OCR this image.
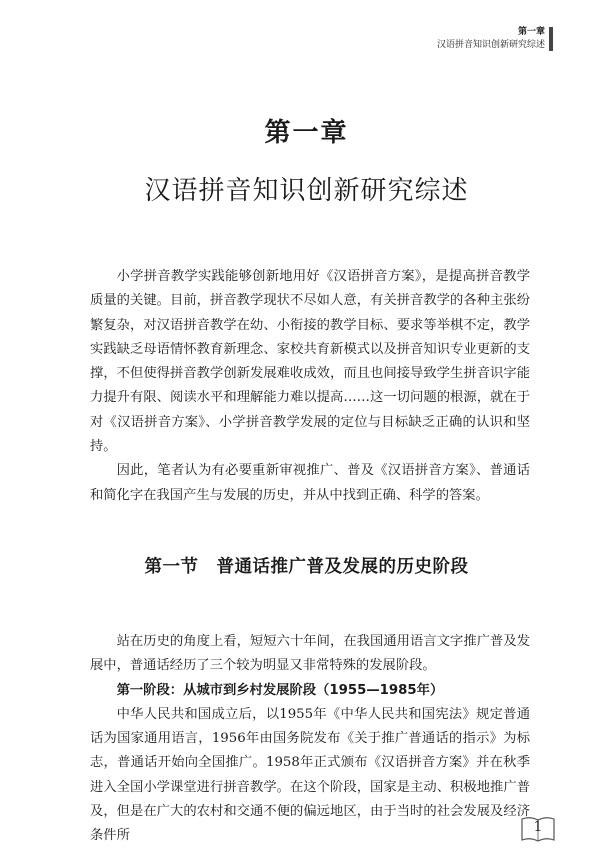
第一章
汉语拼音知识创新研究综述
第一章
汉语拼音知识创新研究综述

小学拼音教学实践能够创新地用好《汉语拼音方案》，是提高拼音教学质量的关键。目前，拼音教学现状不尽如人意，有关拼音教学的各种主张纷繁复杂，对汉语拼音教学在幼、小衔接的教学目标、要求等举棋不定，教学实践缺乏母语情怀教育新理念、家校共育新模式以及拼音知识专业更新的支撑，不但使得拼音教学创新发展难收成效，而且也间接导致学生拼音识字能力提升有限、阅读水平和理解能力难以提高……这一切问题的根源，就在于对《汉语拼音方案》、小学拼音教学发展的定位与目标缺乏正确的认识和坚持。

因此，笔者认为有必要重新审视推广、普及《汉语拼音方案》、普通话和简化字在我国产生与发展的历史，并从中找到正确、科学的答案。

第一节　普通话推广普及发展的历史阶段

站在历史的角度上看，短短六十年间，在我国通用语言文字推广普及发展中，普通话经历了三个较为明显又非常特殊的发展阶段。

第一阶段：从城市到乡村发展阶段（1955—1985年）

中华人民共和国成立后，以1955年《中华人民共和国宪法》规定普通话为国家通用语言，1956年由国务院发布《关于推广普通话的指示》为标志，普通话开始向全国推广。1958年正式颁布《汉语拼音方案》并在秋季进入全国小学课堂进行拼音教学。在这个阶段，国家是主动、积极地推广普及，但是在广大的农村和交通不便的偏远地区，由于当时的社会发展及经济条件所

1
